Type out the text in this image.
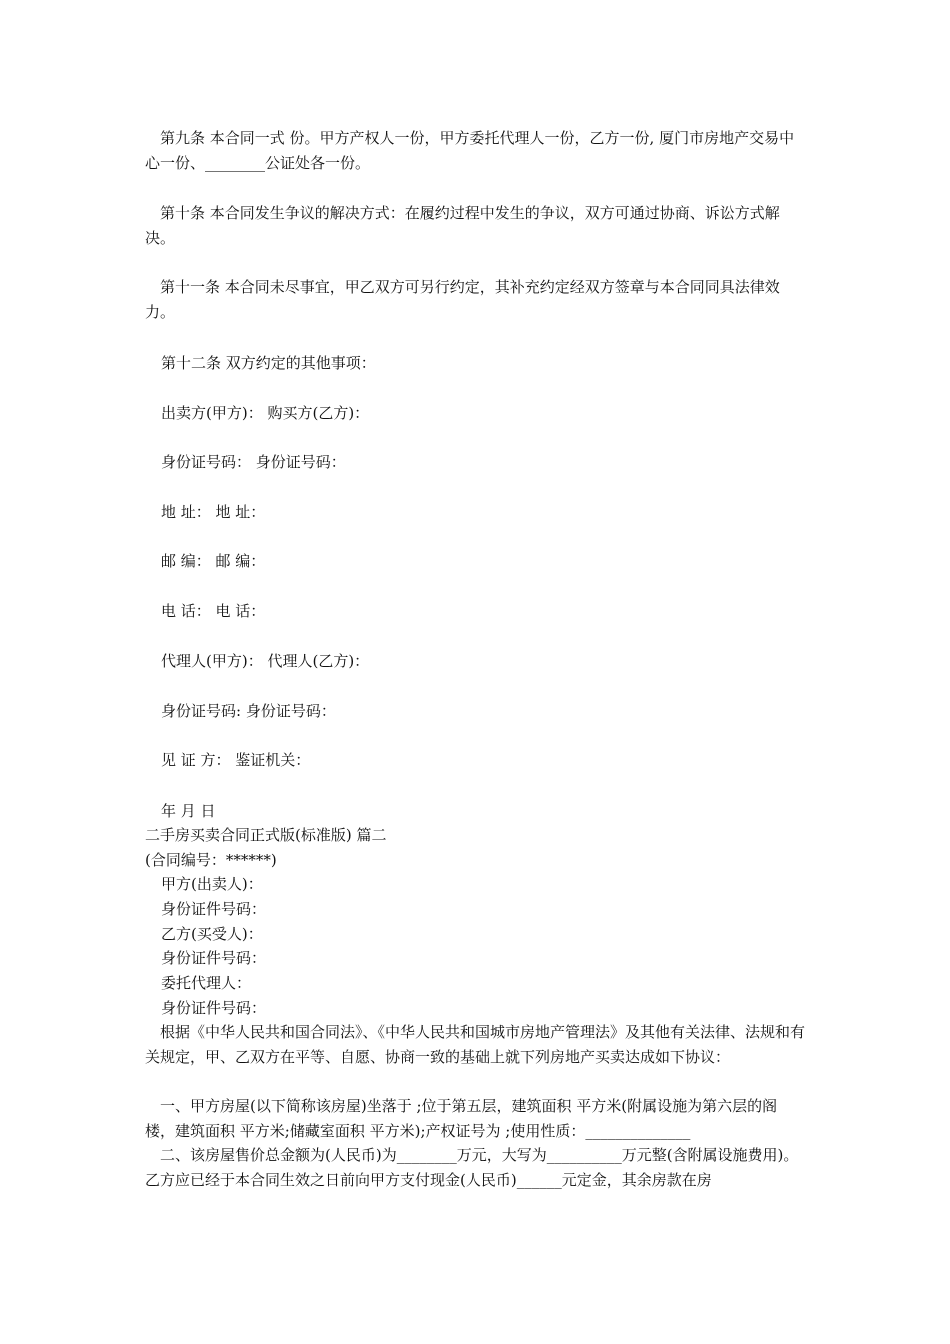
第九条 本合同一式 份。甲方产权人一份，甲方委托代理人一份，乙方一份, 厦门市房地产交易中心一份、________公证处各一份。

第十条 本合同发生争议的解决方式：在履约过程中发生的争议，双方可通过协商、诉讼方式解决。

第十一条 本合同未尽事宜，甲乙双方可另行约定，其补充约定经双方签章与本合同同具法律效力。

第十二条 双方约定的其他事项：

出卖方(甲方)： 购买方(乙方)：

身份证号码： 身份证号码：

地 址： 地 址：

邮 编： 邮 编：

电 话： 电 话：

代理人(甲方)： 代理人(乙方)：

身份证号码: 身份证号码：

见 证 方： 鉴证机关：

年 月 日

二手房买卖合同正式版(标准版) 篇二

(合同编号：******)

甲方(出卖人)：

身份证件号码：

乙方(买受人)：

身份证件号码：

委托代理人：

身份证件号码：

根据《中华人民共和国合同法》、《中华人民共和国城市房地产管理法》及其他有关法律、法规和有关规定，甲、乙双方在平等、自愿、协商一致的基础上就下列房地产买卖达成如下协议：

一、甲方房屋(以下简称该房屋)坐落于 ;位于第五层，建筑面积 平方米(附属设施为第六层的阁楼，建筑面积 平方米;储藏室面积 平方米);产权证号为 ;使用性质：______________

二、该房屋售价总金额为(人民币)为________万元，大写为__________万元整(含附属设施费用)。 乙方应已经于本合同生效之日前向甲方支付现金(人民币)______元定金，其余房款在房
